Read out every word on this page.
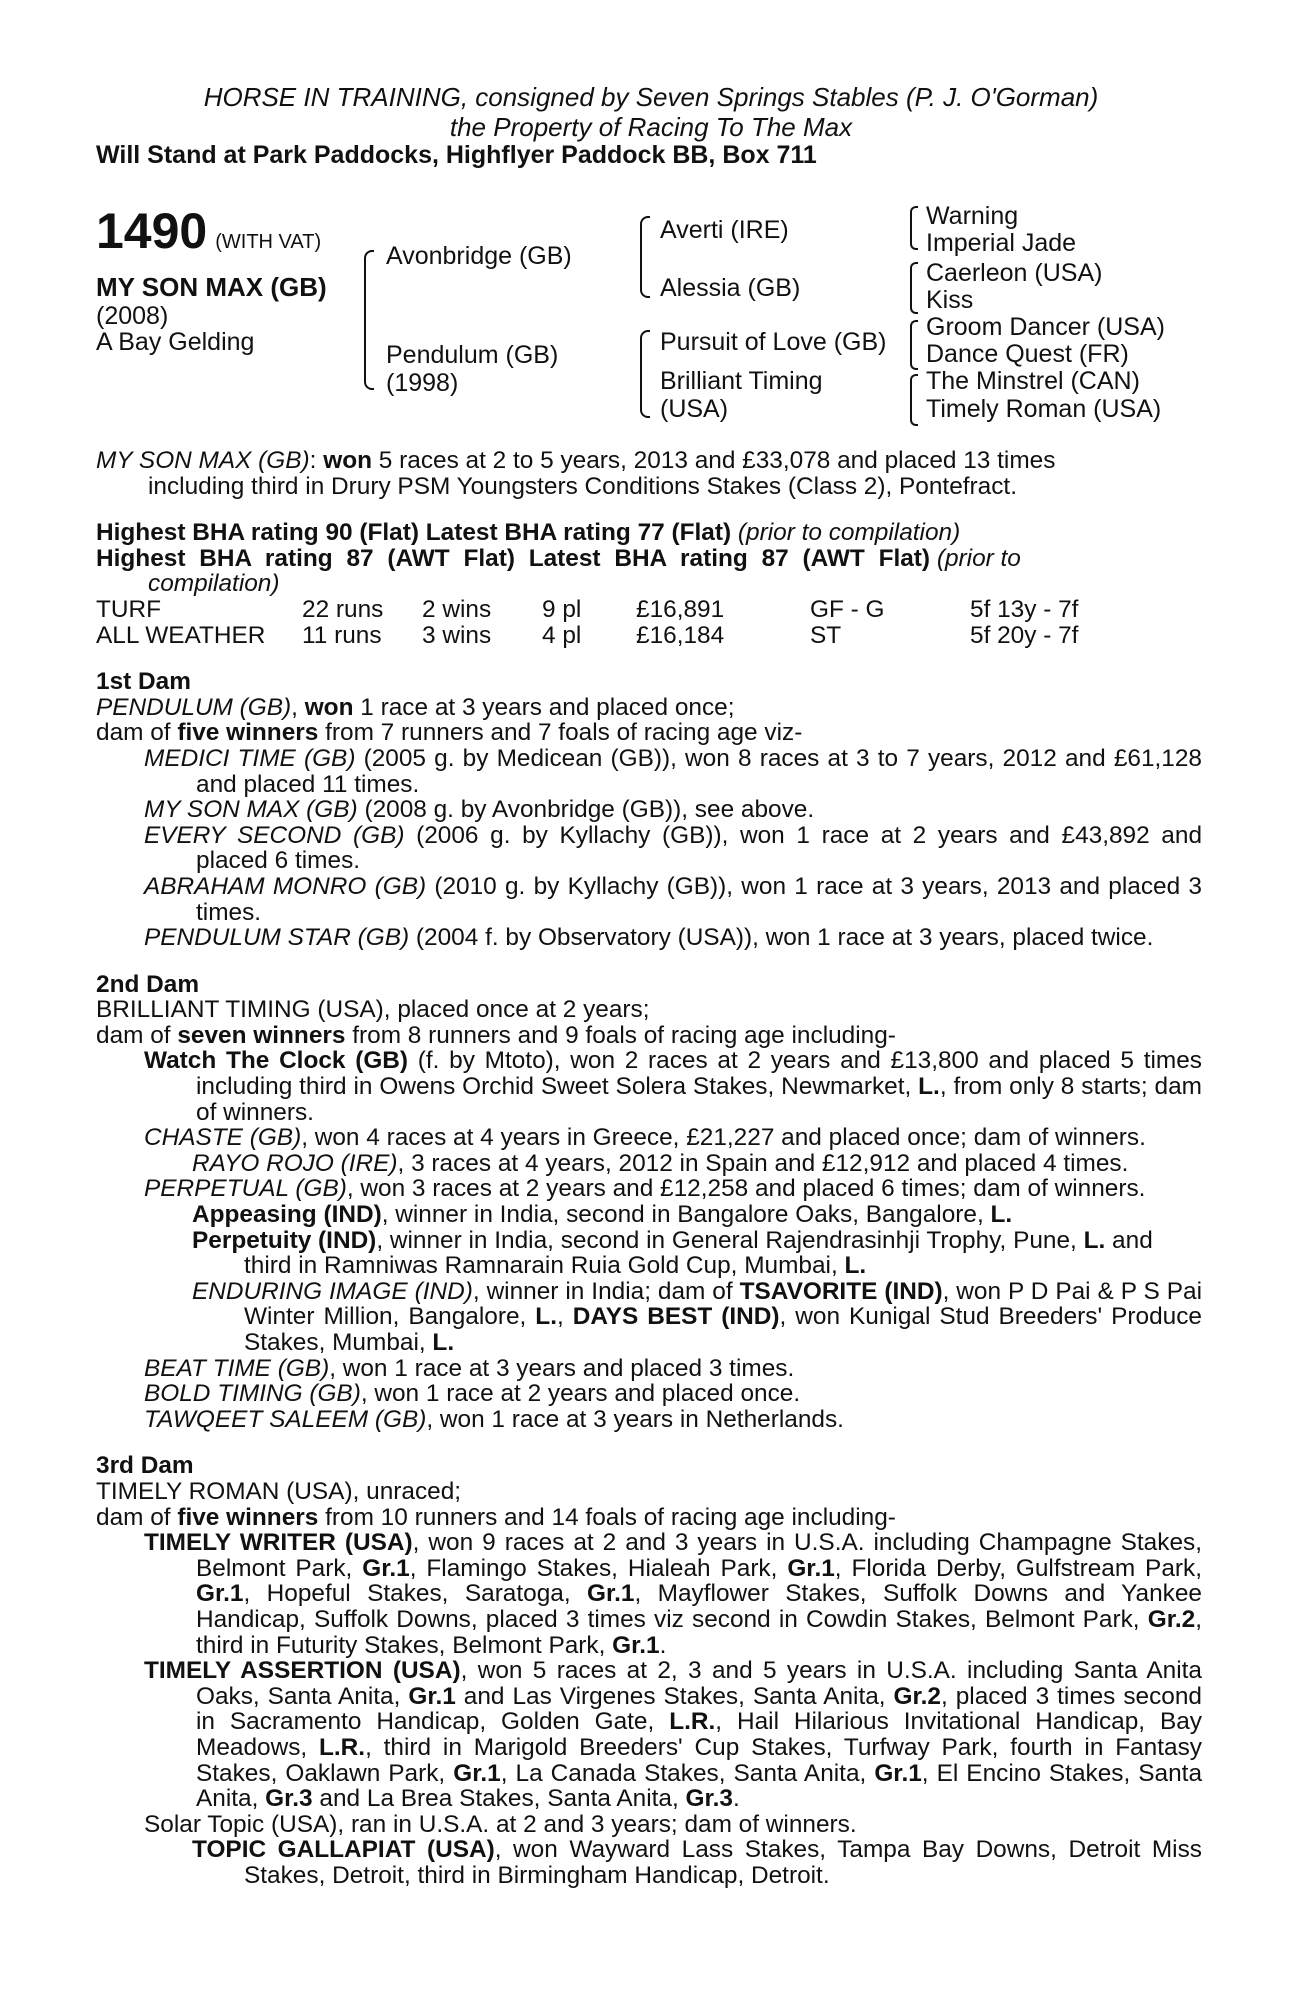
HORSE IN TRAINING, consigned by Seven Springs Stables (P. J. O'Gorman)
the Property of Racing To The Max
Will Stand at Park Paddocks, Highflyer Paddock BB, Box 711
1490 (WITH VAT)
MY SON MAX (GB)
(2008)
A Bay Gelding
Avonbridge (GB)
Pendulum (GB)
(1998)
Averti (IRE)
Alessia (GB)
Pursuit of Love (GB)
Brilliant Timing
(USA)
Warning
Imperial Jade
Caerleon (USA)
Kiss
Groom Dancer (USA)
Dance Quest (FR)
The Minstrel (CAN)
Timely Roman (USA)

MY SON MAX (GB): won 5 races at 2 to 5 years, 2013 and £33,078 and placed 13 times
including third in Drury PSM Youngsters Conditions Stakes (Class 2), Pontefract.

Highest BHA rating 90 (Flat) Latest BHA rating 77 (Flat) (prior to compilation)

Highest BHA rating 87 (AWT Flat) Latest BHA rating 87 (AWT Flat) (prior to
compilation)

TURF	22 runs	2 wins	9 pl	£16,891	GF - G	5f 13y - 7f
ALL WEATHER	11 runs	3 wins	4 pl	£16,184	ST	5f 20y - 7f

1st Dam

PENDULUM (GB), won 1 race at 3 years and placed once;

dam of five winners from 7 runners and 7 foals of racing age viz-

MEDICI TIME (GB) (2005 g. by Medicean (GB)), won 8 races at 3 to 7 years, 2012 and £61,128 and placed 11 times.

MY SON MAX (GB) (2008 g. by Avonbridge (GB)), see above.

EVERY SECOND (GB) (2006 g. by Kyllachy (GB)), won 1 race at 2 years and £43,892 and placed 6 times.

ABRAHAM MONRO (GB) (2010 g. by Kyllachy (GB)), won 1 race at 3 years, 2013 and placed 3 times.

PENDULUM STAR (GB) (2004 f. by Observatory (USA)), won 1 race at 3 years, placed twice.

2nd Dam

BRILLIANT TIMING (USA), placed once at 2 years;

dam of seven winners from 8 runners and 9 foals of racing age including-

Watch The Clock (GB) (f. by Mtoto), won 2 races at 2 years and £13,800 and placed 5 times including third in Owens Orchid Sweet Solera Stakes, Newmarket, L., from only 8 starts; dam of winners.

CHASTE (GB), won 4 races at 4 years in Greece, £21,227 and placed once; dam of winners.

RAYO ROJO (IRE), 3 races at 4 years, 2012 in Spain and £12,912 and placed 4 times.

PERPETUAL (GB), won 3 races at 2 years and £12,258 and placed 6 times; dam of winners.

Appeasing (IND), winner in India, second in Bangalore Oaks, Bangalore, L.

Perpetuity (IND), winner in India, second in General Rajendrasinhji Trophy, Pune, L. and third in Ramniwas Ramnarain Ruia Gold Cup, Mumbai, L.

ENDURING IMAGE (IND), winner in India; dam of TSAVORITE (IND), won P D Pai & P S Pai Winter Million, Bangalore, L., DAYS BEST (IND), won Kunigal Stud Breeders' Produce Stakes, Mumbai, L.

BEAT TIME (GB), won 1 race at 3 years and placed 3 times.

BOLD TIMING (GB), won 1 race at 2 years and placed once.

TAWQEET SALEEM (GB), won 1 race at 3 years in Netherlands.

3rd Dam

TIMELY ROMAN (USA), unraced;

dam of five winners from 10 runners and 14 foals of racing age including-

TIMELY WRITER (USA), won 9 races at 2 and 3 years in U.S.A. including Champagne Stakes, Belmont Park, Gr.1, Flamingo Stakes, Hialeah Park, Gr.1, Florida Derby, Gulfstream Park, Gr.1, Hopeful Stakes, Saratoga, Gr.1, Mayflower Stakes, Suffolk Downs and Yankee Handicap, Suffolk Downs, placed 3 times viz second in Cowdin Stakes, Belmont Park, Gr.2, third in Futurity Stakes, Belmont Park, Gr.1.

TIMELY ASSERTION (USA), won 5 races at 2, 3 and 5 years in U.S.A. including Santa Anita Oaks, Santa Anita, Gr.1 and Las Virgenes Stakes, Santa Anita, Gr.2, placed 3 times second in Sacramento Handicap, Golden Gate, L.R., Hail Hilarious Invitational Handicap, Bay Meadows, L.R., third in Marigold Breeders' Cup Stakes, Turfway Park, fourth in Fantasy Stakes, Oaklawn Park, Gr.1, La Canada Stakes, Santa Anita, Gr.1, El Encino Stakes, Santa Anita, Gr.3 and La Brea Stakes, Santa Anita, Gr.3.

Solar Topic (USA), ran in U.S.A. at 2 and 3 years; dam of winners.

TOPIC GALLAPIAT (USA), won Wayward Lass Stakes, Tampa Bay Downs, Detroit Miss Stakes, Detroit, third in Birmingham Handicap, Detroit.
